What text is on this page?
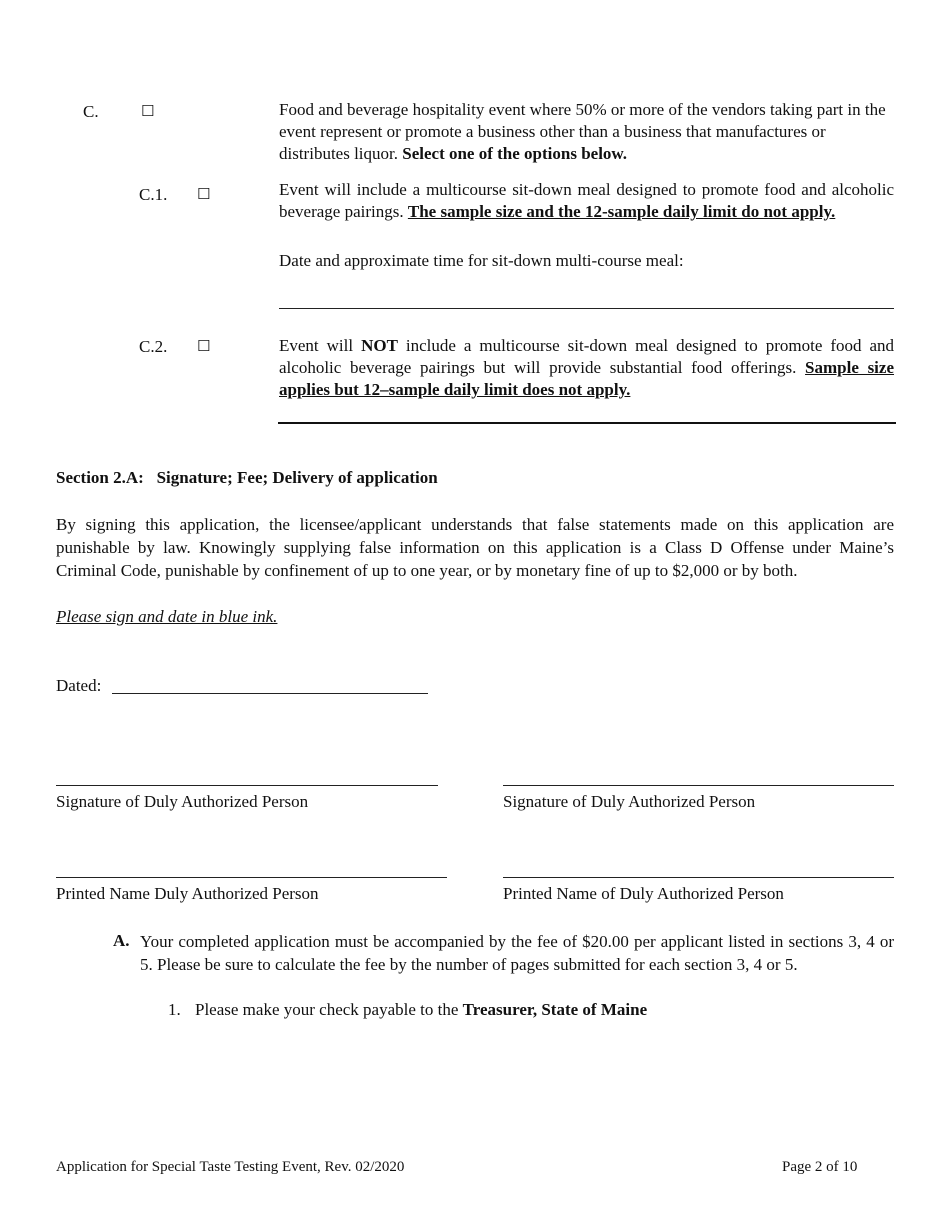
C.	☐	Food and beverage hospitality event where 50% or more of the vendors taking part in the event represent or promote a business other than a business that manufactures or distributes liquor. Select one of the options below.
C.1. ☐	Event will include a multicourse sit-down meal designed to promote food and alcoholic beverage pairings. The sample size and the 12-sample daily limit do not apply.
Date and approximate time for sit-down multi-course meal:
C.2. ☐	Event will NOT include a multicourse sit-down meal designed to promote food and alcoholic beverage pairings but will provide substantial food offerings. Sample size applies but 12–sample daily limit does not apply.
Section 2.A:   Signature; Fee; Delivery of application
By signing this application, the licensee/applicant understands that false statements made on this application are punishable by law. Knowingly supplying false information on this application is a Class D Offense under Maine’s Criminal Code, punishable by confinement of up to one year, or by monetary fine of up to $2,000 or by both.
Please sign and date in blue ink.
Dated:
Signature of Duly Authorized Person	Signature of Duly Authorized Person
Printed Name Duly Authorized Person	Printed Name of Duly Authorized Person
A. Your completed application must be accompanied by the fee of $20.00 per applicant listed in sections 3, 4 or 5. Please be sure to calculate the fee by the number of pages submitted for each section 3, 4 or 5.
1. Please make your check payable to the Treasurer, State of Maine
Application for Special Taste Testing Event, Rev. 02/2020	Page 2 of 10
